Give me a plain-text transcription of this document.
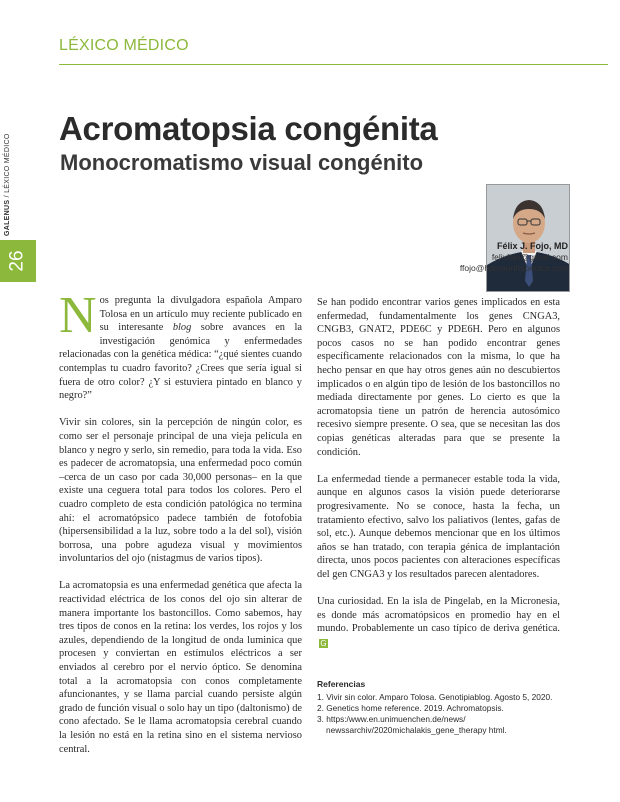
LÉXICO MÉDICO
26
GALENUS / LÉXICO MÉDICO
Acromatopsia congénita
Monocromatismo visual congénito
Félix J. Fojo, MD
felixfojo@gmail.com
ffojo@homeorthopedics.com

Nos pregunta la divulgadora española Amparo Tolosa en un artículo muy reciente publicado en su interesante blog sobre avances en la investigación genómica y enfermedades relacionadas con la genética médica: “¿qué sientes cuando contemplas tu cuadro favorito? ¿Crees que sería igual si fuera de otro color? ¿Y si estuviera pintado en blanco y negro?”

Vivir sin colores, sin la percepción de ningún color, es como ser el personaje principal de una vieja película en blanco y negro y serlo, sin remedio, para toda la vida. Eso es padecer de acromatopsia, una enfermedad poco común –cerca de un caso por cada 30,000 personas– en la que existe una ceguera total para todos los colores. Pero el cuadro completo de esta condición patológica no termina ahí: el acromatópsico padece también de fotofobia (hipersensibilidad a la luz, sobre todo a la del sol), visión borrosa, una pobre agudeza visual y movimientos involuntarios del ojo (nistagmus de varios tipos).

La acromatopsia es una enfermedad genética que afecta la reactividad eléctrica de los conos del ojo sin alterar de manera importante los bastoncillos. Como sabemos, hay tres tipos de conos en la retina: los verdes, los rojos y los azules, dependiendo de la longitud de onda luminica que procesen y conviertan en estímulos eléctricos a ser enviados al cerebro por el nervio óptico. Se denomina total a la acromatopsia con conos completamente afuncionantes, y se llama parcial cuando persiste algún grado de función visual o solo hay un tipo (daltonismo) de cono afectado. Se le llama acromatopsia cerebral cuando la lesión no está en la retina sino en el sistema nervioso central.

Se han podido encontrar varios genes implicados en esta enfermedad, fundamentalmente los genes CNGA3, CNGB3, GNAT2, PDE6C y PDE6H. Pero en algunos pocos casos no se han podido encontrar genes específicamente relacionados con la misma, lo que ha hecho pensar en que hay otros genes aún no descubiertos implicados o en algún tipo de lesión de los bastoncillos no mediada directamente por genes. Lo cierto es que la acromatopsia tiene un patrón de herencia autosómico recesivo siempre presente. O sea, que se necesitan las dos copias genéticas alteradas para que se presente la condición.

La enfermedad tiende a permanecer estable toda la vida, aunque en algunos casos la visión puede deteriorarse progresivamente. No se conoce, hasta la fecha, un tratamiento efectivo, salvo los paliativos (lentes, gafas de sol, etc.). Aunque debemos mencionar que en los últimos años se han tratado, con terapia génica de implantación directa, unos pocos pacientes con alteraciones específicas del gen CNGA3 y los resultados parecen alentadores.

Una curiosidad. En la isla de Pingelab, en la Micronesia, es donde más acromatópsicos en promedio hay en el mundo. Probablemente un caso típico de deriva genética. G

Referencias
1. Vivir sin color. Amparo Tolosa. Genotipiablog. Agosto 5, 2020.
2. Genetics home reference. 2019. Achromatopsis.
3. https:/www.en.unimuenchen.de/news/
newssarchiv/2020michalakis_gene_therapy html.
